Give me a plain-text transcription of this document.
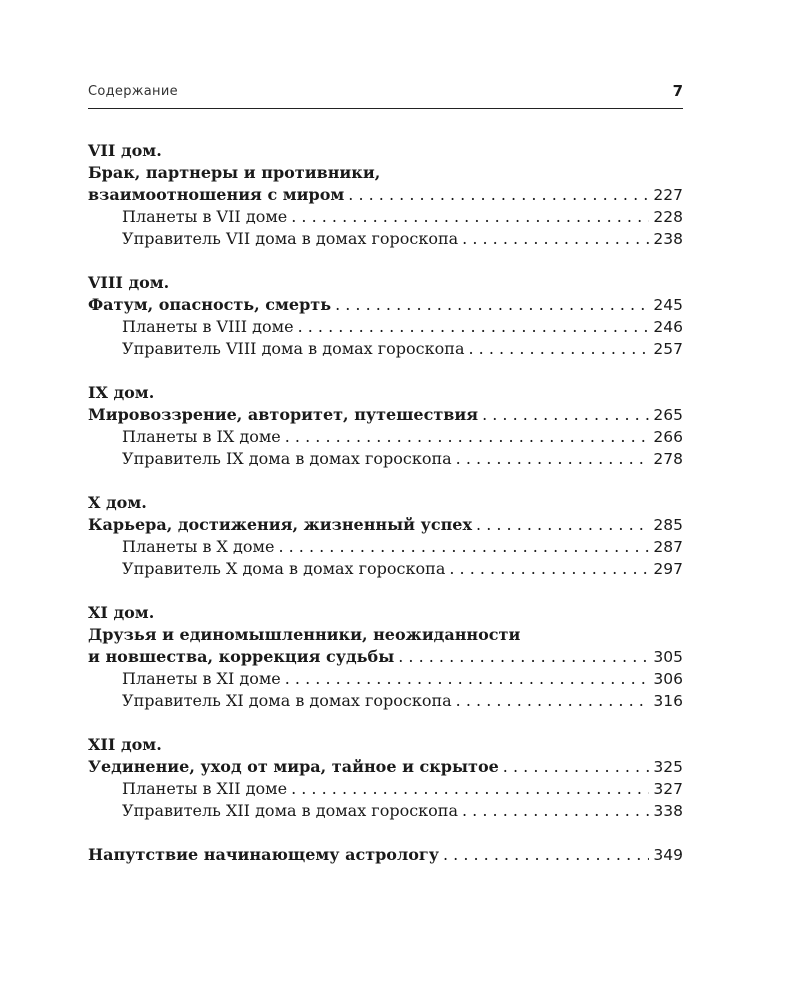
Содержание	7
VII дом.
Брак, партнеры и противники,
взаимоотношения с миром . . .	227
Планеты в VII доме . . .	228
Управитель VII дома в домах гороскопа . . .	238
VIII дом.
Фатум, опасность, смерть . . .	245
Планеты в VIII доме . . .	246
Управитель VIII дома в домах гороскопа . . .	257
IX дом.
Мировоззрение, авторитет, путешествия . . .	265
Планеты в IX доме . . .	266
Управитель IX дома в домах гороскопа . . .	278
X дом.
Карьера, достижения, жизненный успех . . .	285
Планеты в X доме . . .	287
Управитель X дома в домах гороскопа . . .	297
XI дом.
Друзья и единомышленники, неожиданности
и новшества, коррекция судьбы . . .	305
Планеты в XI доме . . .	306
Управитель XI дома в домах гороскопа . . .	316
XII дом.
Уединение, уход от мира, тайное и скрытое . . .	325
Планеты в XII доме . . .	327
Управитель XII дома в домах гороскопа . . .	338
Напутствие начинающему астрологу . . .	349
